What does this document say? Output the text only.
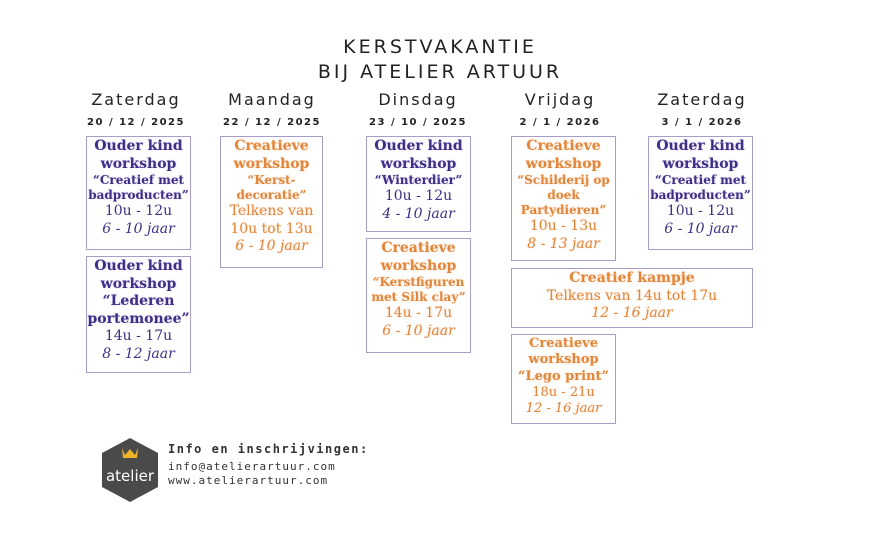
KERSTVAKANTIE
BIJ ATELIER ARTUUR
Zaterdag
20 / 12 / 2025
Maandag
22 / 12 / 2025
Dinsdag
23 / 10 / 2025
Vrijdag
2 / 1 / 2026
Zaterdag
3 / 1 / 2026
Ouder kind
workshop
“Creatief met
badproducten”
10u - 12u
6 - 10 jaar
Ouder kind
workshop
“Lederen
portemonee”
14u - 17u
8 - 12 jaar
Creatieve
workshop
“Kerst-
decoratie”
Telkens van
10u tot 13u
6 - 10 jaar
Ouder kind
workshop
“Winterdier”
10u - 12u
4 - 10 jaar
Creatieve
workshop
“Kerstfiguren
met Silk clay”
14u - 17u
6 - 10 jaar
Creatieve
workshop
“Schilderij op
doek
Partydieren”
10u - 13u
8 - 13 jaar
Creatief kampje
Telkens van 14u tot 17u
12 - 16 jaar
Creatieve
workshop
“Lego print”
18u - 21u
12 - 16 jaar
Ouder kind
workshop
“Creatief met
badproducten”
10u - 12u
6 - 10 jaar
atelier
Info en inschrijvingen:
info@atelierartuur.com
www.atelierartuur.com
